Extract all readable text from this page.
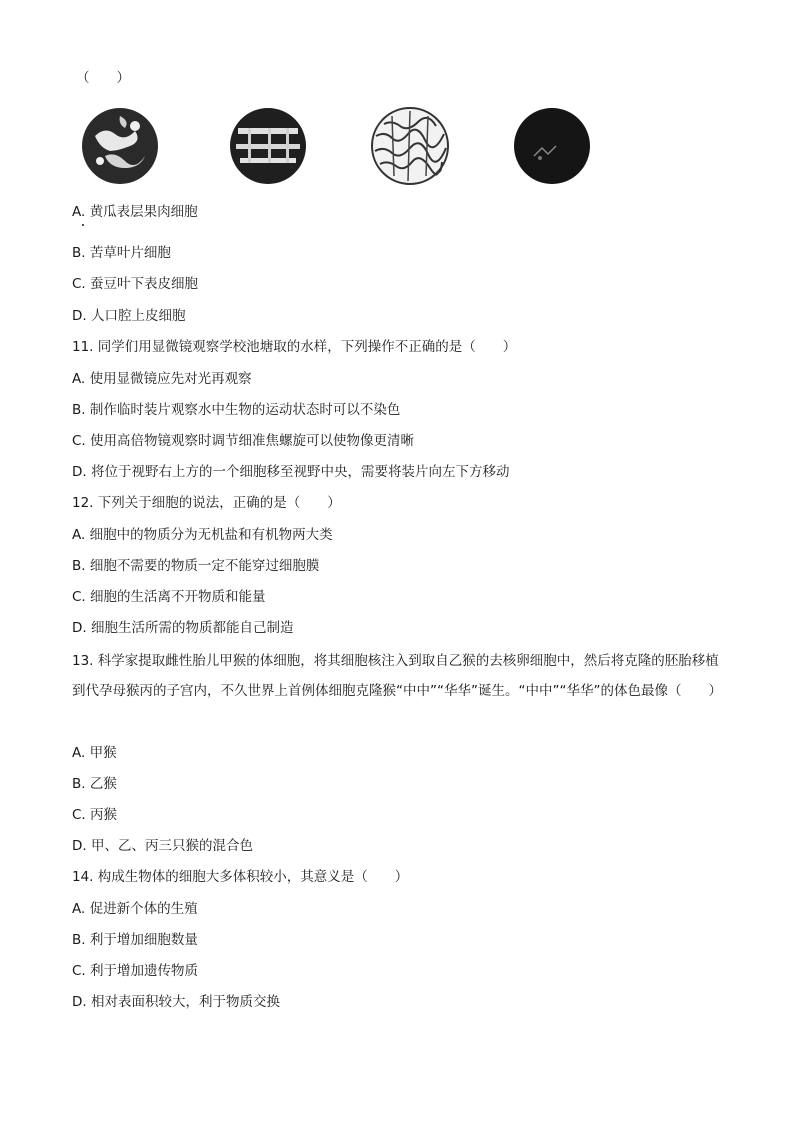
（　　）
A. 黄瓜表层果肉细胞
B. 苦草叶片细胞
C. 蚕豆叶下表皮细胞
D. 人口腔上皮细胞
11. 同学们用显微镜观察学校池塘取的水样，下列操作不正确的是（　　）
A. 使用显微镜应先对光再观察
B. 制作临时装片观察水中生物的运动状态时可以不染色
C. 使用高倍物镜观察时调节细准焦螺旋可以使物像更清晰
D. 将位于视野右上方的一个细胞移至视野中央，需要将装片向左下方移动
12. 下列关于细胞的说法，正确的是（　　）
A. 细胞中的物质分为无机盐和有机物两大类
B. 细胞不需要的物质一定不能穿过细胞膜
C. 细胞的生活离不开物质和能量
D. 细胞生活所需的物质都能自己制造
13. 科学家提取雌性胎儿甲猴的体细胞，将其细胞核注入到取自乙猴的去核卵细胞中，然后将克隆的胚胎移植到代孕母猴丙的子宫内，不久世界上首例体细胞克隆猴“中中”“华华”诞生。“中中”“华华”的体色最像（　　）
A. 甲猴
B. 乙猴
C. 丙猴
D. 甲、乙、丙三只猴的混合色
14. 构成生物体的细胞大多体积较小，其意义是（　　）
A. 促进新个体的生殖
B. 利于增加细胞数量
C. 利于增加遗传物质
D. 相对表面积较大，利于物质交换
